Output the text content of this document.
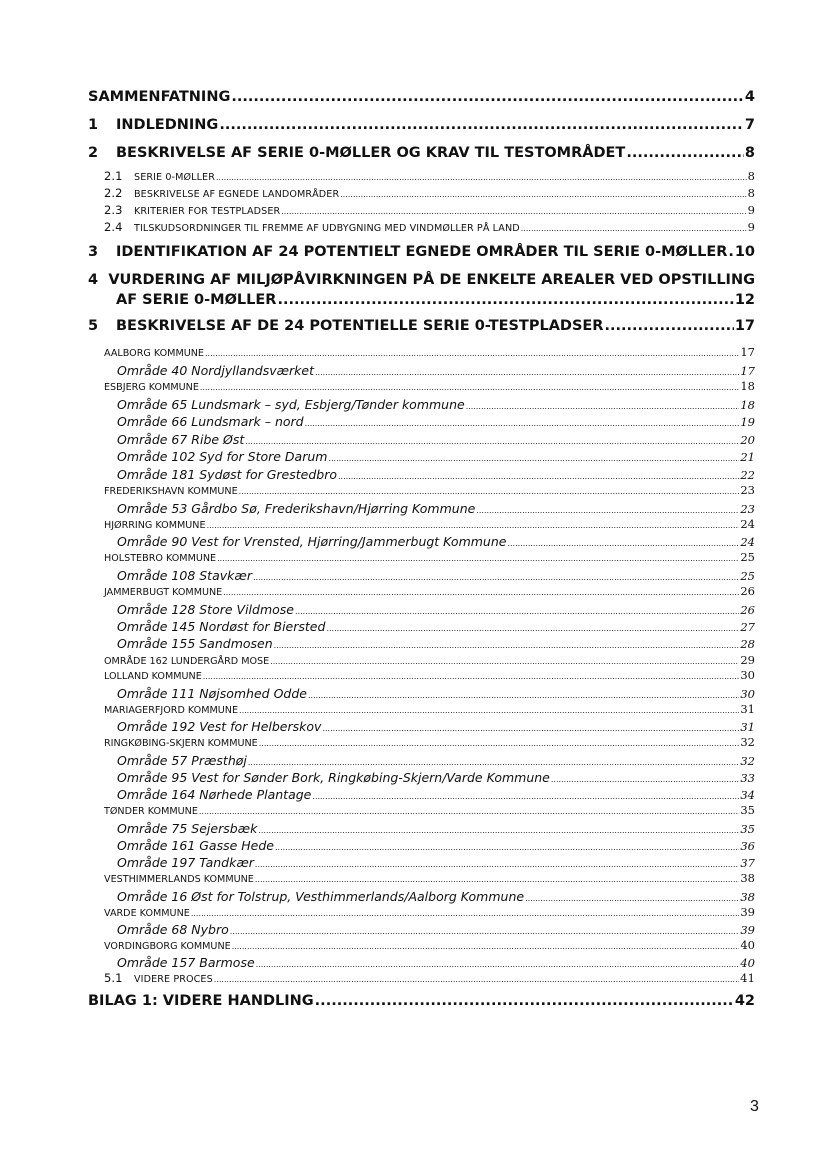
SAMMENFATNING .....	4
1	INDLEDNING .....	7
2	BESKRIVELSE AF SERIE 0-MØLLER OG KRAV TIL TESTOMRÅDET .....	8
2.1	SERIE 0-MØLLER .....	8
2.2	BESKRIVELSE AF EGNEDE LANDOMRÅDER .....	8
2.3	KRITERIER FOR TESTPLADSER .....	9
2.4	TILSKUDSORDNINGER TIL FREMME AF UDBYGNING MED VINDMØLLER PÅ LAND .....	9
3	IDENTIFIKATION AF 24 POTENTIELT EGNEDE OMRÅDER TIL SERIE 0-MØLLER ..... 10
4 VURDERING AF MILJØPÅVIRKNINGEN PÅ DE ENKELTE AREALER VED OPSTILLING
AF SERIE 0-MØLLER .....	12
5	BESKRIVELSE AF DE 24 POTENTIELLE SERIE 0-TESTPLADSER .....	17
AALBORG KOMMUNE .....	17
Område 40 Nordjyllandsværket .....	17
ESBJERG KOMMUNE .....	18
Område 65 Lundsmark – syd, Esbjerg/Tønder kommune .....	18
Område 66 Lundsmark – nord .....	19
Område 67 Ribe Øst .....	20
Område 102 Syd for Store Darum .....	21
Område 181 Sydøst for Grestedbro .....	22
FREDERIKSHAVN KOMMUNE .....	23
Område 53 Gårdbo Sø, Frederikshavn/Hjørring Kommune .....	23
HJØRRING KOMMUNE .....	24
Område 90 Vest for Vrensted, Hjørring/Jammerbugt Kommune .....	24
HOLSTEBRO KOMMUNE .....	25
Område 108 Stavkær .....	25
JAMMERBUGT KOMMUNE .....	26
Område 128 Store Vildmose .....	26
Område 145 Nordøst for Biersted .....	27
Område 155 Sandmosen .....	28
OMRÅDE 162 LUNDERGÅRD MOSE .....	29
LOLLAND KOMMUNE .....	30
Område 111 Nøjsomhed Odde .....	30
MARIAGERFJORD KOMMUNE .....	31
Område 192 Vest for Helberskov .....	31
RINGKØBING-SKJERN KOMMUNE .....	32
Område 57 Præsthøj .....	32
Område 95 Vest for Sønder Bork, Ringkøbing-Skjern/Varde Kommune .....	33
Område 164 Nørhede Plantage .....	34
TØNDER KOMMUNE .....	35
Område 75 Sejersbæk .....	35
Område 161 Gasse Hede .....	36
Område 197 Tandkær .....	37
VESTHIMMERLANDS KOMMUNE .....	38
Område 16 Øst for Tolstrup, Vesthimmerlands/Aalborg Kommune .....	38
VARDE KOMMUNE .....	39
Område 68 Nybro .....	39
VORDINGBORG KOMMUNE .....	40
Område 157 Barmose .....	40
5.1	VIDERE PROCES .....	41
BILAG 1: VIDERE HANDLING .....	42
3
